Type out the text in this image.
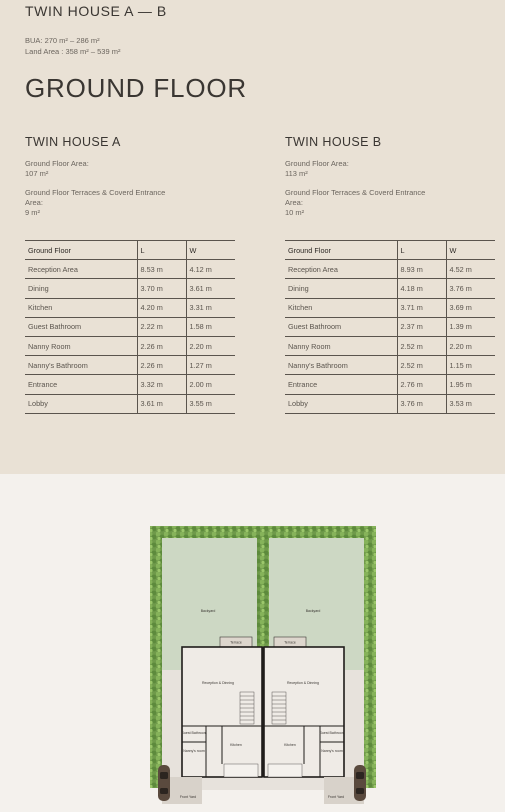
TWIN HOUSE A — B
BUA: 270 m² – 286 m²
Land Area : 358 m² – 539 m²
GROUND FLOOR
TWIN HOUSE A
Ground Floor Area:
107 m²
Ground Floor Terraces & Coverd Entrance Area:
9 m²
TWIN HOUSE B
Ground Floor Area:
113 m²
Ground Floor Terraces & Coverd Entrance Area:
10 m²
Ground Floor	L	W
Reception Area	8.53 m	4.12 m
Dining	3.70 m	3.61 m
Kitchen	4.20 m	3.31 m
Guest Bathroom	2.22 m	1.58 m
Nanny Room	2.26 m	2.20 m
Nanny's Bathroom	2.26 m	1.27 m
Entrance	3.32 m	2.00 m
Lobby	3.61 m	3.55 m
Ground Floor	L	W
Reception Area	8.93 m	4.52 m
Dining	4.18 m	3.76 m
Kitchen	3.71 m	3.69 m
Guest Bathroom	2.37 m	1.39 m
Nanny Room	2.52 m	2.20 m
Nanny's Bathroom	2.52 m	1.15 m
Entrance	2.76 m	1.95 m
Lobby	3.76 m	3.53 m
Backyard	Backyard
Terrace	Terrace
Reception & Dinning	Reception & Dinning
Guest Bathroom	Guest Bathroom
Nanny's room	Nanny's room
Kitchen	Kitchen
Front Yard	Front Yard
